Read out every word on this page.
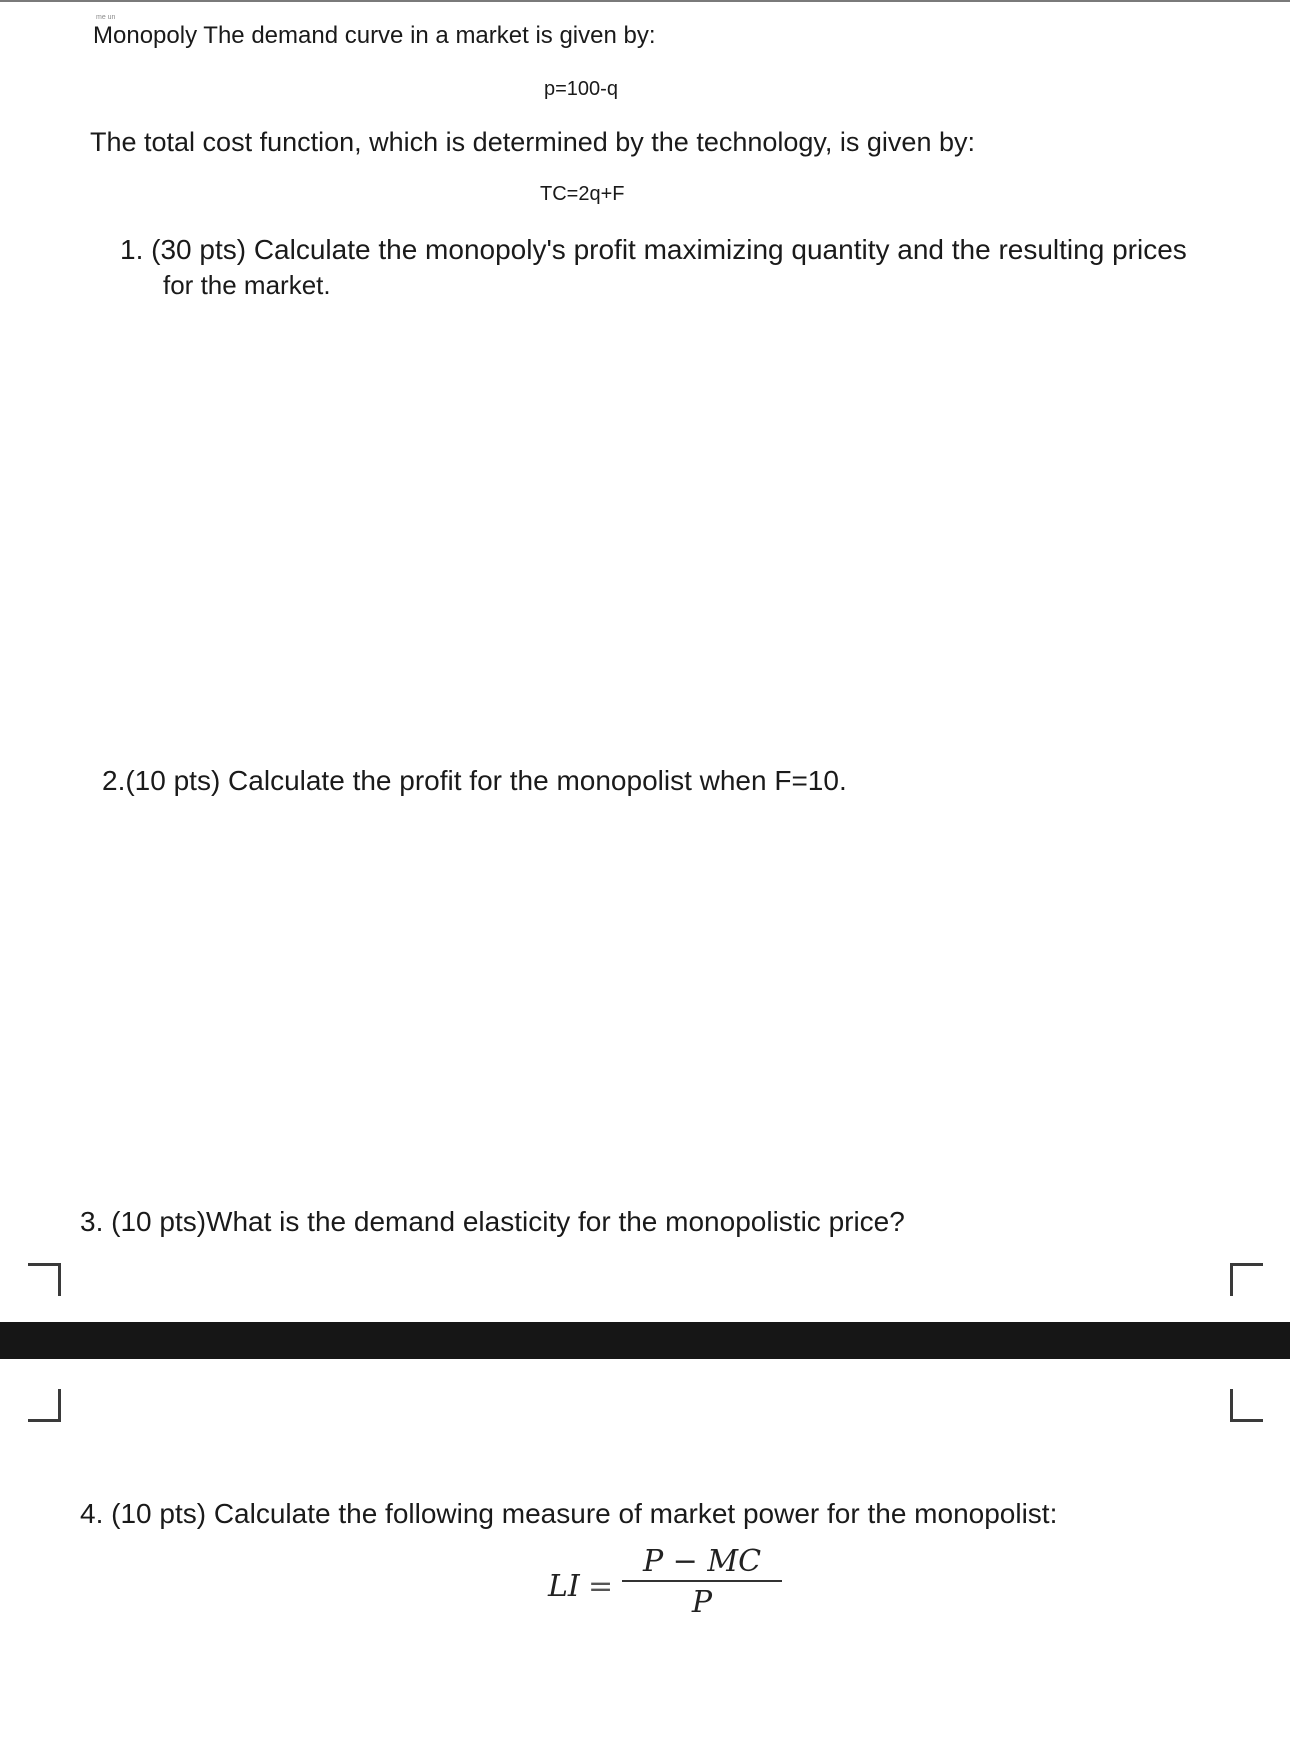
me un
Monopoly The demand curve in a market is given by:
p=100-q
The total cost function, which is determined by the technology, is given by:
TC=2q+F
1. (30 pts) Calculate the monopoly's profit maximizing quantity and the resulting prices
for the market.
2.(10 pts) Calculate the profit for the monopolist when F=10.
3. (10 pts)What is the demand elasticity for the monopolistic price?
4. (10 pts) Calculate the following measure of market power for the monopolist:
LI =
P − MC
P
